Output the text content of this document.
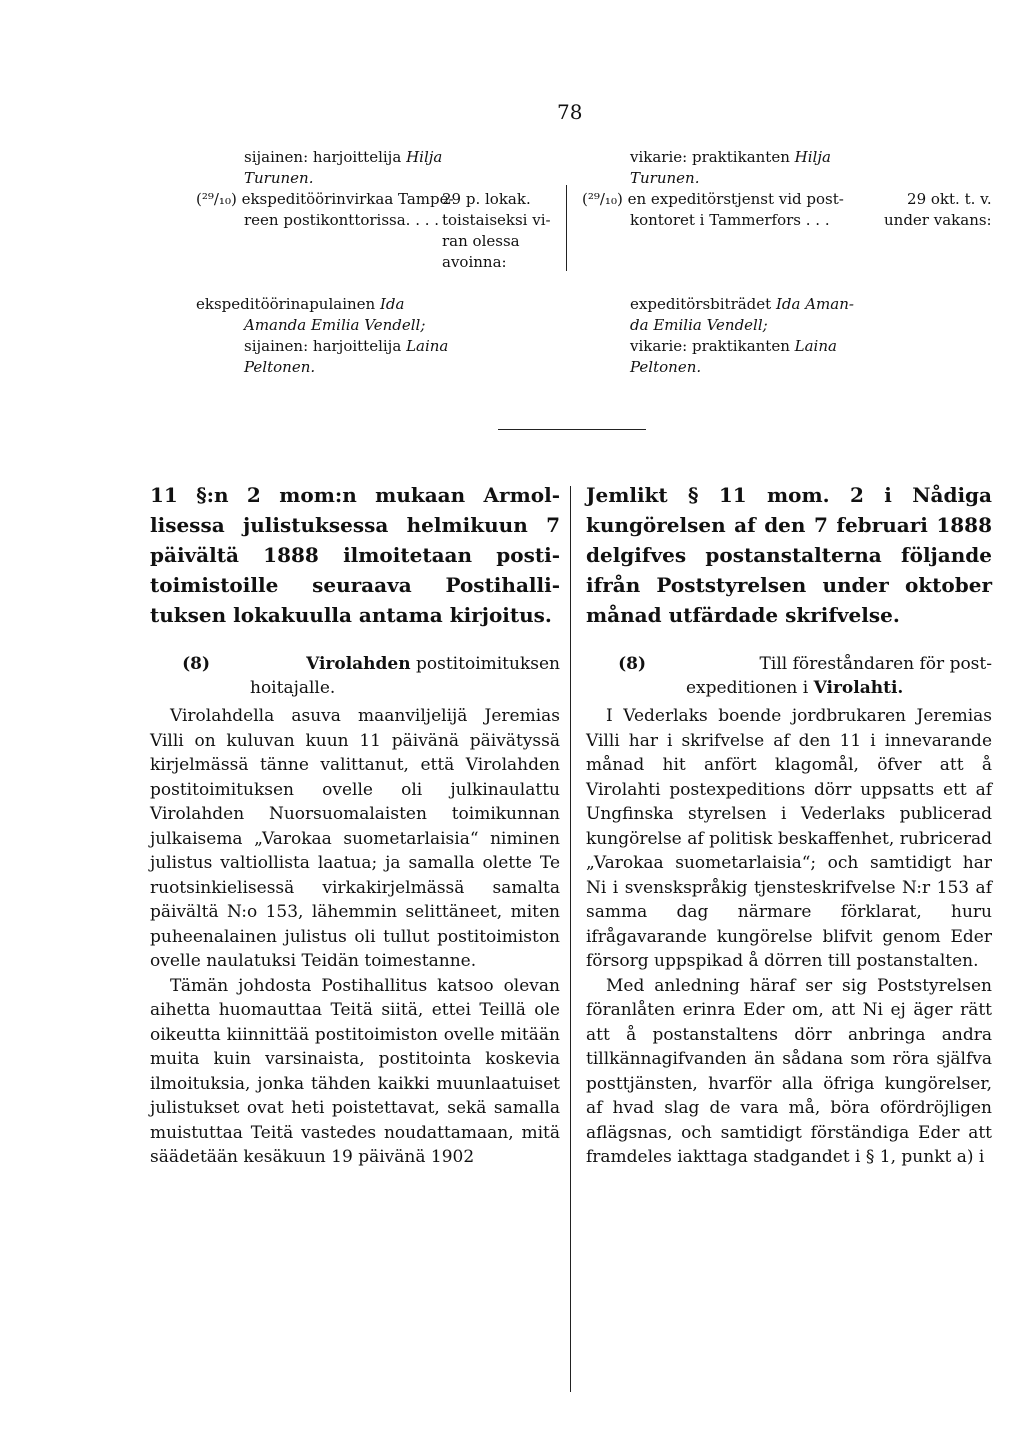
78
sijainen: harjoittelija Hilja
Turunen.
(²⁹/₁₀) ekspeditöörinvirkaa Tampe-
reen postikonttorissa. . . .
29 p. lokak.
toistaiseksi vi-
ran olessa
avoinna:
ekspeditöörinapulainen Ida
Amanda Emilia Vendell;
sijainen: harjoittelija Laina
Peltonen.
vikarie: praktikanten Hilja
Turunen.
(²⁹/₁₀) en expeditörstjenst vid post-
kontoret i Tammerfors . . .
29 okt. t. v.
under vakans:
expeditörsbiträdet Ida Aman-
da Emilia Vendell;
vikarie: praktikanten Laina
Peltonen.
11 §:n 2 mom:n mukaan Armol-
lisessa julistuksessa helmikuun 7
päivältä 1888 ilmoitetaan posti-
toimistoille seuraava Postihalli-
tuksen lokakuulla antama kirjoitus.
(8)	Virolahden postitoimituksen
hoitajalle.

Virolahdella asuva maanviljelijä Jeremias Villi on kuluvan kuun 11 päivänä päivätyssä kirjelmässä tänne valittanut, että Virolahden postitoimituksen ovelle oli julkinaulattu Virolahden Nuorsuomalaisten toimikunnan julkaisema „Varokaa suometarlaisia“ niminen julistus valtiollista laatua; ja samalla olette Te ruotsinkielisessä virkakirjelmässä samalta päivältä N:o 153, lähemmin selittäneet, miten puheenalainen julistus oli tullut postitoimiston ovelle naulatuksi Teidän toimestanne.

Tämän johdosta Postihallitus katsoo olevan aihetta huomauttaa Teitä siitä, ettei Teillä ole oikeutta kiinnittää postitoimiston ovelle mitään muita kuin varsinaista, postitointa koskevia ilmoituksia, jonka tähden kaikki muunlaatuiset julistukset ovat heti poistettavat, sekä samalla muistuttaa Teitä vastedes noudattamaan, mitä säädetään kesäkuun 19 päivänä 1902

Jemlikt § 11 mom. 2 i Nådiga
kungörelsen af den 7 februari 1888
delgifves postanstalterna följande
ifrån Poststyrelsen under oktober
månad utfärdade skrifvelse.
(8)	Till föreståndaren för post-
expeditionen i Virolahti.

I Vederlaks boende jordbrukaren Jeremias Villi har i skrifvelse af den 11 i innevarande månad hit anfört klagomål, öfver att å Virolahti postexpeditions dörr uppsatts ett af Ungfinska styrelsen i Vederlaks publicerad kungörelse af politisk beskaffenhet, rubricerad „Varokaa suometarlaisia“; och samtidigt har Ni i svenskspråkig tjensteskrifvelse N:r 153 af samma dag närmare förklarat, huru ifrågavarande kungörelse blifvit genom Eder försorg uppspikad å dörren till postanstalten.

Med anledning häraf ser sig Poststyrelsen föranlåten erinra Eder om, att Ni ej äger rätt att å postanstaltens dörr anbringa andra tillkännagifvanden än sådana som röra själfva posttjänsten, hvarför alla öfriga kungörelser, af hvad slag de vara må, böra ofördröjligen aflägsnas, och samtidigt förständiga Eder att framdeles iakttaga stadgandet i § 1, punkt a) i
